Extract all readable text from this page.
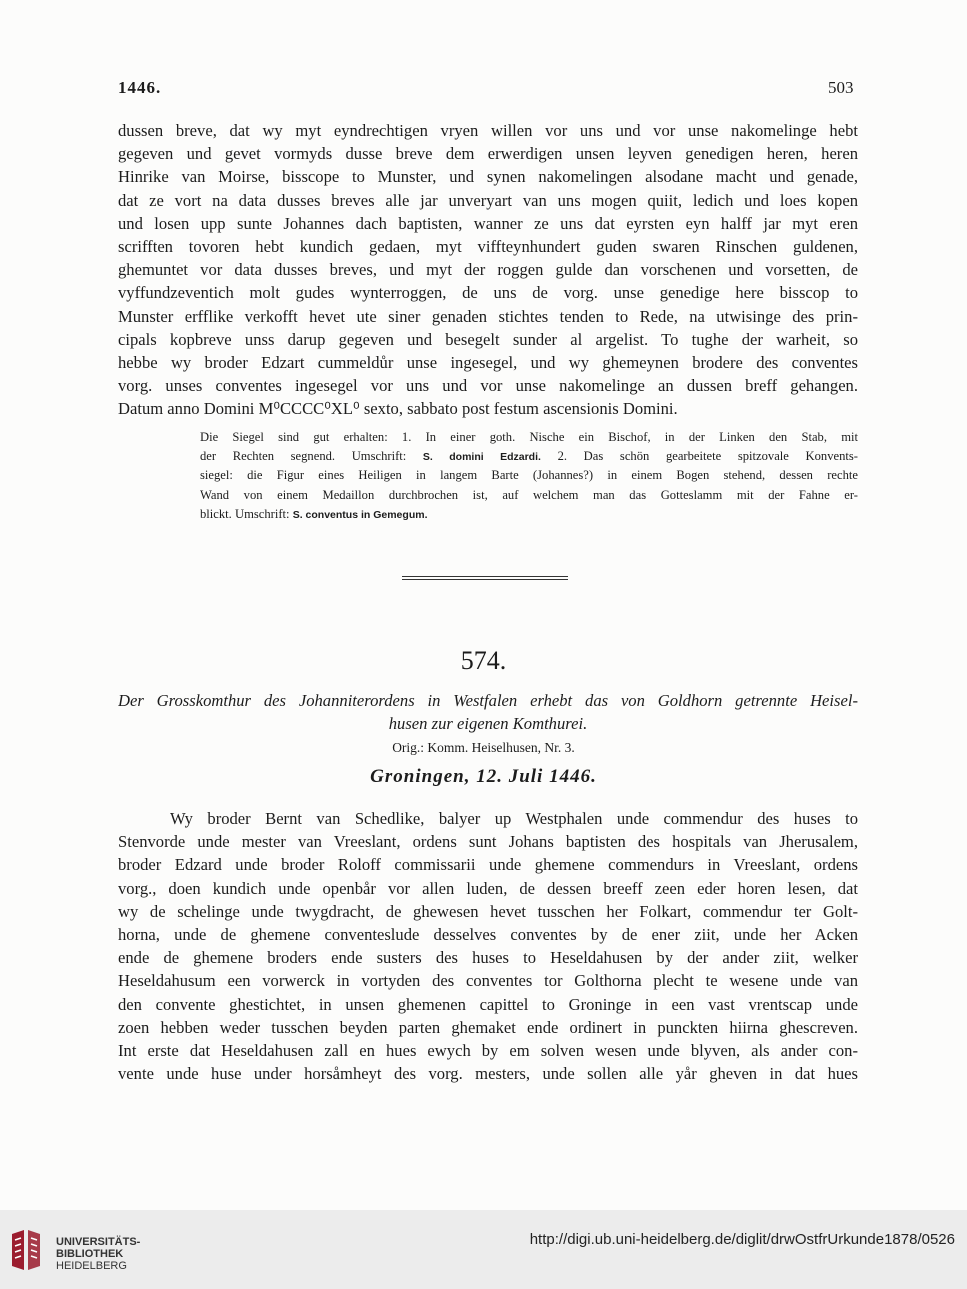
1446.	503
dussen breve, dat wy myt eyndrechtigen vryen willen vor uns und vor unse nakomelinge hebt
gegeven und gevet vormyds dusse breve dem erwerdigen unsen leyven genedigen heren, heren
Hinrike van Moirse, bisscope to Munster, und synen nakomelingen alsodane macht und genade,
dat ze vort na data dusses breves alle jar unveryart van uns mogen quiit, ledich und loes kopen
und losen upp sunte Johannes dach baptisten, wanner ze uns dat eyrsten eyn halff jar myt eren
scrifften tovoren hebt kundich gedaen, myt viffteynhundert guden swaren Rinschen guldenen,
ghemuntet vor data dusses breves, und myt der roggen gulde dan vorschenen und vorsetten, de
vyffundzeventich molt gudes wynterroggen, de uns de vorg. unse genedige here bisscop to
Munster erfflike verkofft hevet ute siner genaden stichtes tenden to Rede, na utwisinge des prin-
cipals kopbreve unss darup gegeven und besegelt sunder al argelist. To tughe der warheit, so
hebbe wy broder Edzart cummeldůr unse ingesegel, und wy ghemeynen brodere des conventes
vorg. unses conventes ingesegel vor uns und vor unse nakomelinge an dussen breff gehangen.
Datum anno Domini M⁰CCCC⁰XL⁰ sexto, sabbato post festum ascensionis Domini.
Die Siegel sind gut erhalten: 1. In einer goth. Nische ein Bischof, in der Linken den Stab, mit
der Rechten segnend. Umschrift: S. domini Edzardi. 2. Das schön gearbeitete spitzovale Konvents-
siegel: die Figur eines Heiligen in langem Barte (Johannes?) in einem Bogen stehend, dessen rechte
Wand von einem Medaillon durchbrochen ist, auf welchem man das Gotteslamm mit der Fahne er-
blickt. Umschrift: S. conventus in Gemegum.
574.
Der Grosskomthur des Johanniterordens in Westfalen erhebt das von Goldhorn getrennte Heisel-
husen zur eigenen Komthurei.
Orig.: Komm. Heiselhusen, Nr. 3.
Groningen, 12. Juli 1446.
Wy broder Bernt van Schedlike, balyer up Westphalen unde commendur des huses to
Stenvorde unde mester van Vreeslant, ordens sunt Johans baptisten des hospitals van Jherusalem,
broder Edzard unde broder Roloff commissarii unde ghemene commendurs in Vreeslant, ordens
vorg., doen kundich unde openbår vor allen luden, de dessen breeff zeen eder horen lesen, dat
wy de schelinge unde twygdracht, de ghewesen hevet tusschen her Folkart, commendur ter Golt-
horna, unde de ghemene conventeslude desselves conventes by de ener ziit, unde her Acken
ende de ghemene broders ende susters des huses to Heseldahusen by der ander ziit, welker
Heseldahusum een vorwerck in vortyden des conventes tor Golthorna plecht te wesene unde van
den convente ghestichtet, in unsen ghemenen capittel to Groninge in een vast vrentscap unde
zoen hebben weder tusschen beyden parten ghemaket ende ordinert in punckten hiirna ghescreven.
Int erste dat Heseldahusen zall en hues ewych by em solven wesen unde blyven, als ander con-
vente unde huse under horsåmheyt des vorg. mesters, unde sollen alle yår gheven in dat hues
UNIVERSITÄTS-
BIBLIOTHEK
HEIDELBERG
http://digi.ub.uni-heidelberg.de/diglit/drwOstfrUrkunde1878/0526
